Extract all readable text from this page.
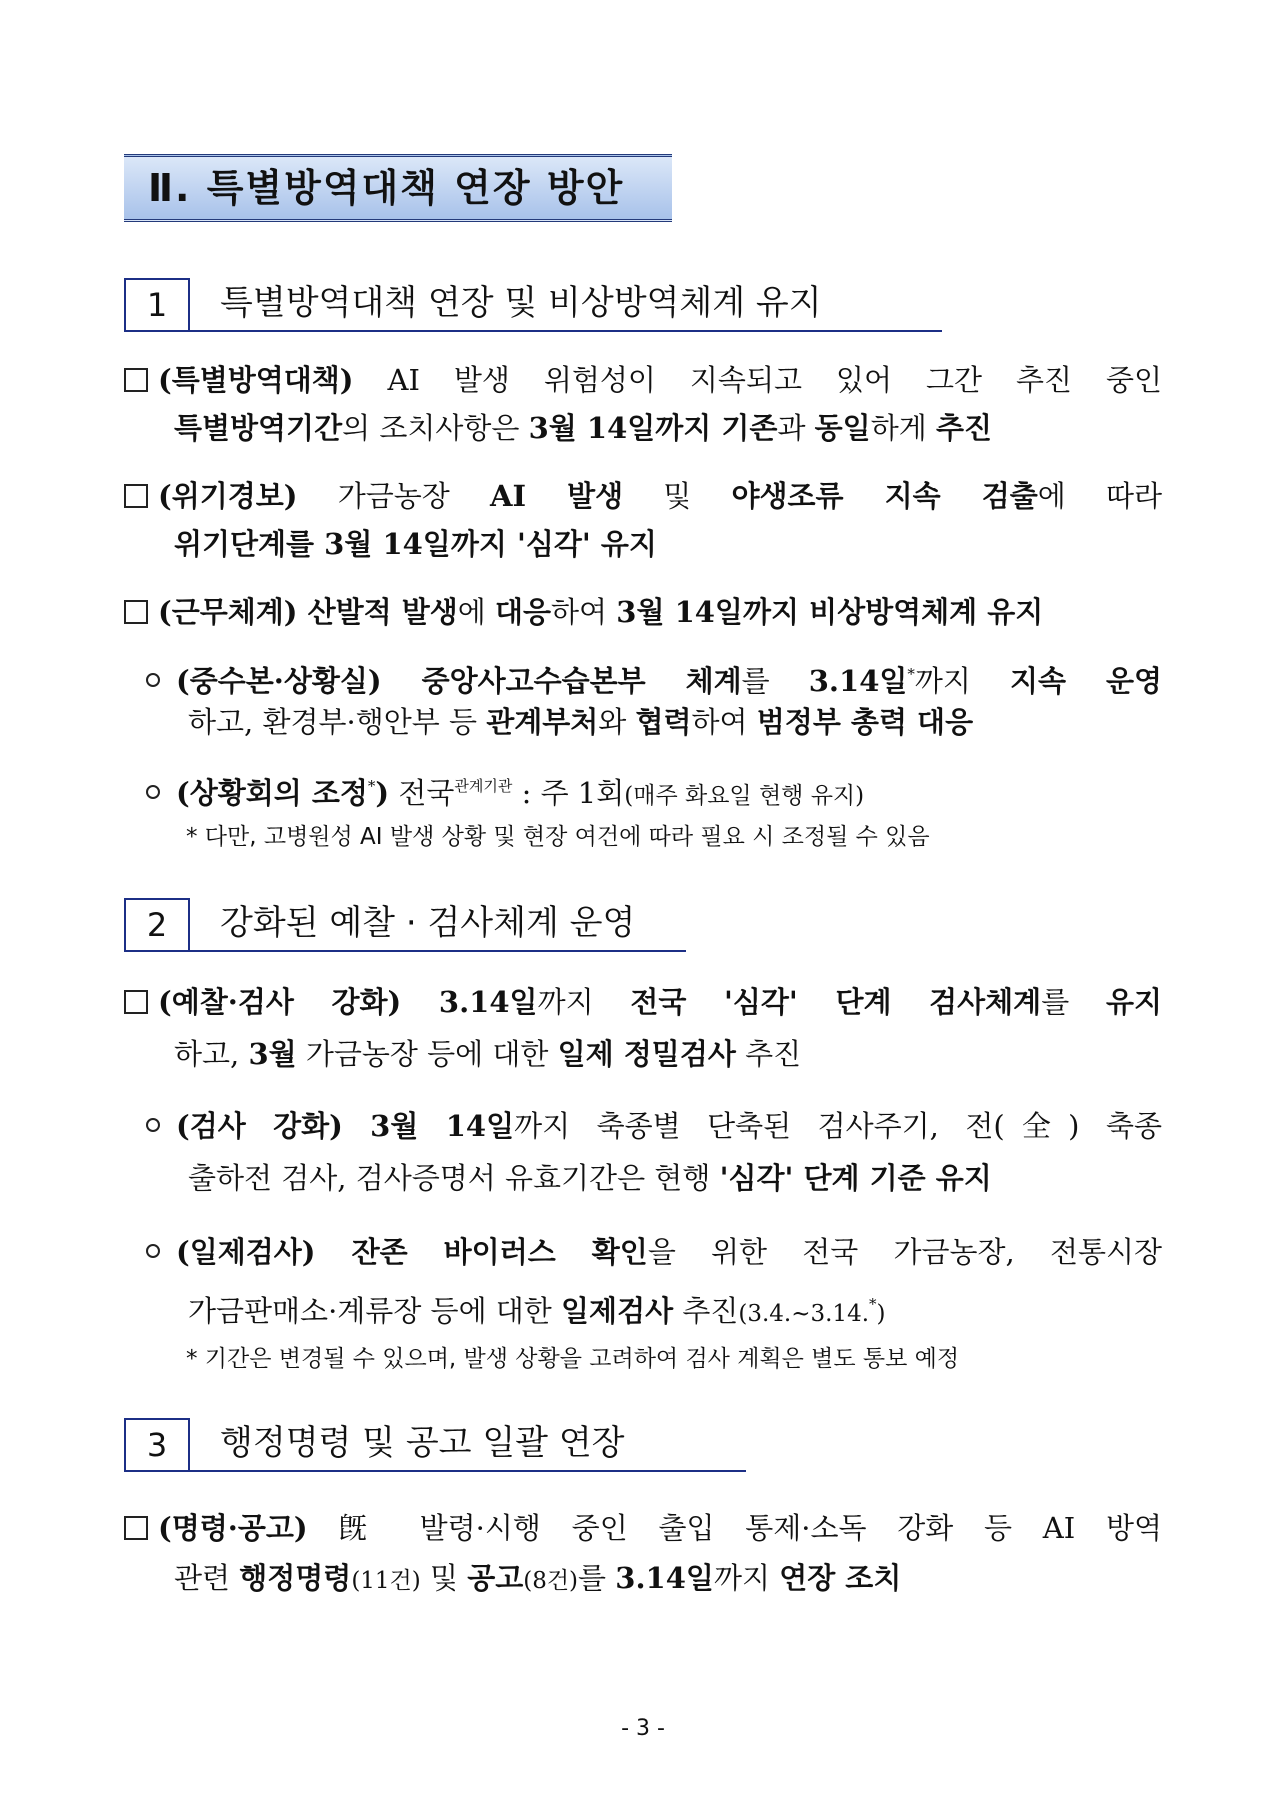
Ⅱ. 특별방역대책 연장 방안
1	특별방역대책 연장 및 비상방역체계 유지
(특별방역대책) AI 발생 위험성이 지속되고 있어 그간 추진 중인
특별방역기간의 조치사항은 3월 14일까지 기존과 동일하게 추진
(위기경보) 가금농장 AI 발생 및 야생조류 지속 검출에 따라
위기단계를 3월 14일까지 '심각' 유지
(근무체계) 산발적 발생에 대응하여 3월 14일까지 비상방역체계 유지
(중수본·상황실) 중앙사고수습본부 체계를 3.14일*까지 지속 운영
하고, 환경부·행안부 등 관계부처와 협력하여 범정부 총력 대응
(상황회의 조정*) 전국$^{관계기관}$ : 주 1회(매주 화요일 현행 유지)
* 다만, 고병원성 AI 발생 상황 및 현장 여건에 따라 필요 시 조정될 수 있음
2	강화된 예찰 · 검사체계 운영
(예찰·검사 강화) 3.14일까지 전국 '심각' 단계 검사체계를 유지
하고, 3월 가금농장 등에 대한 일제 정밀검사 추진
(검사 강화) 3월 14일까지 축종별 단축된 검사주기, 전(全) 축종
출하전 검사, 검사증명서 유효기간은 현행 '심각' 단계 기준 유지
(일제검사) 잔존 바이러스 확인을 위한 전국 가금농장, 전통시장
가금판매소·계류장 등에 대한 일제검사 추진(3.4.~3.14.*)
* 기간은 변경될 수 있으며, 발생 상황을 고려하여 검사 계획은 별도 통보 예정
3	행정명령 및 공고 일괄 연장
(명령·공고) 旣 발령·시행 중인 출입 통제·소독 강화 등 AI 방역
관련 행정명령(11건) 및 공고(8건)를 3.14일까지 연장 조치
- 3 -
